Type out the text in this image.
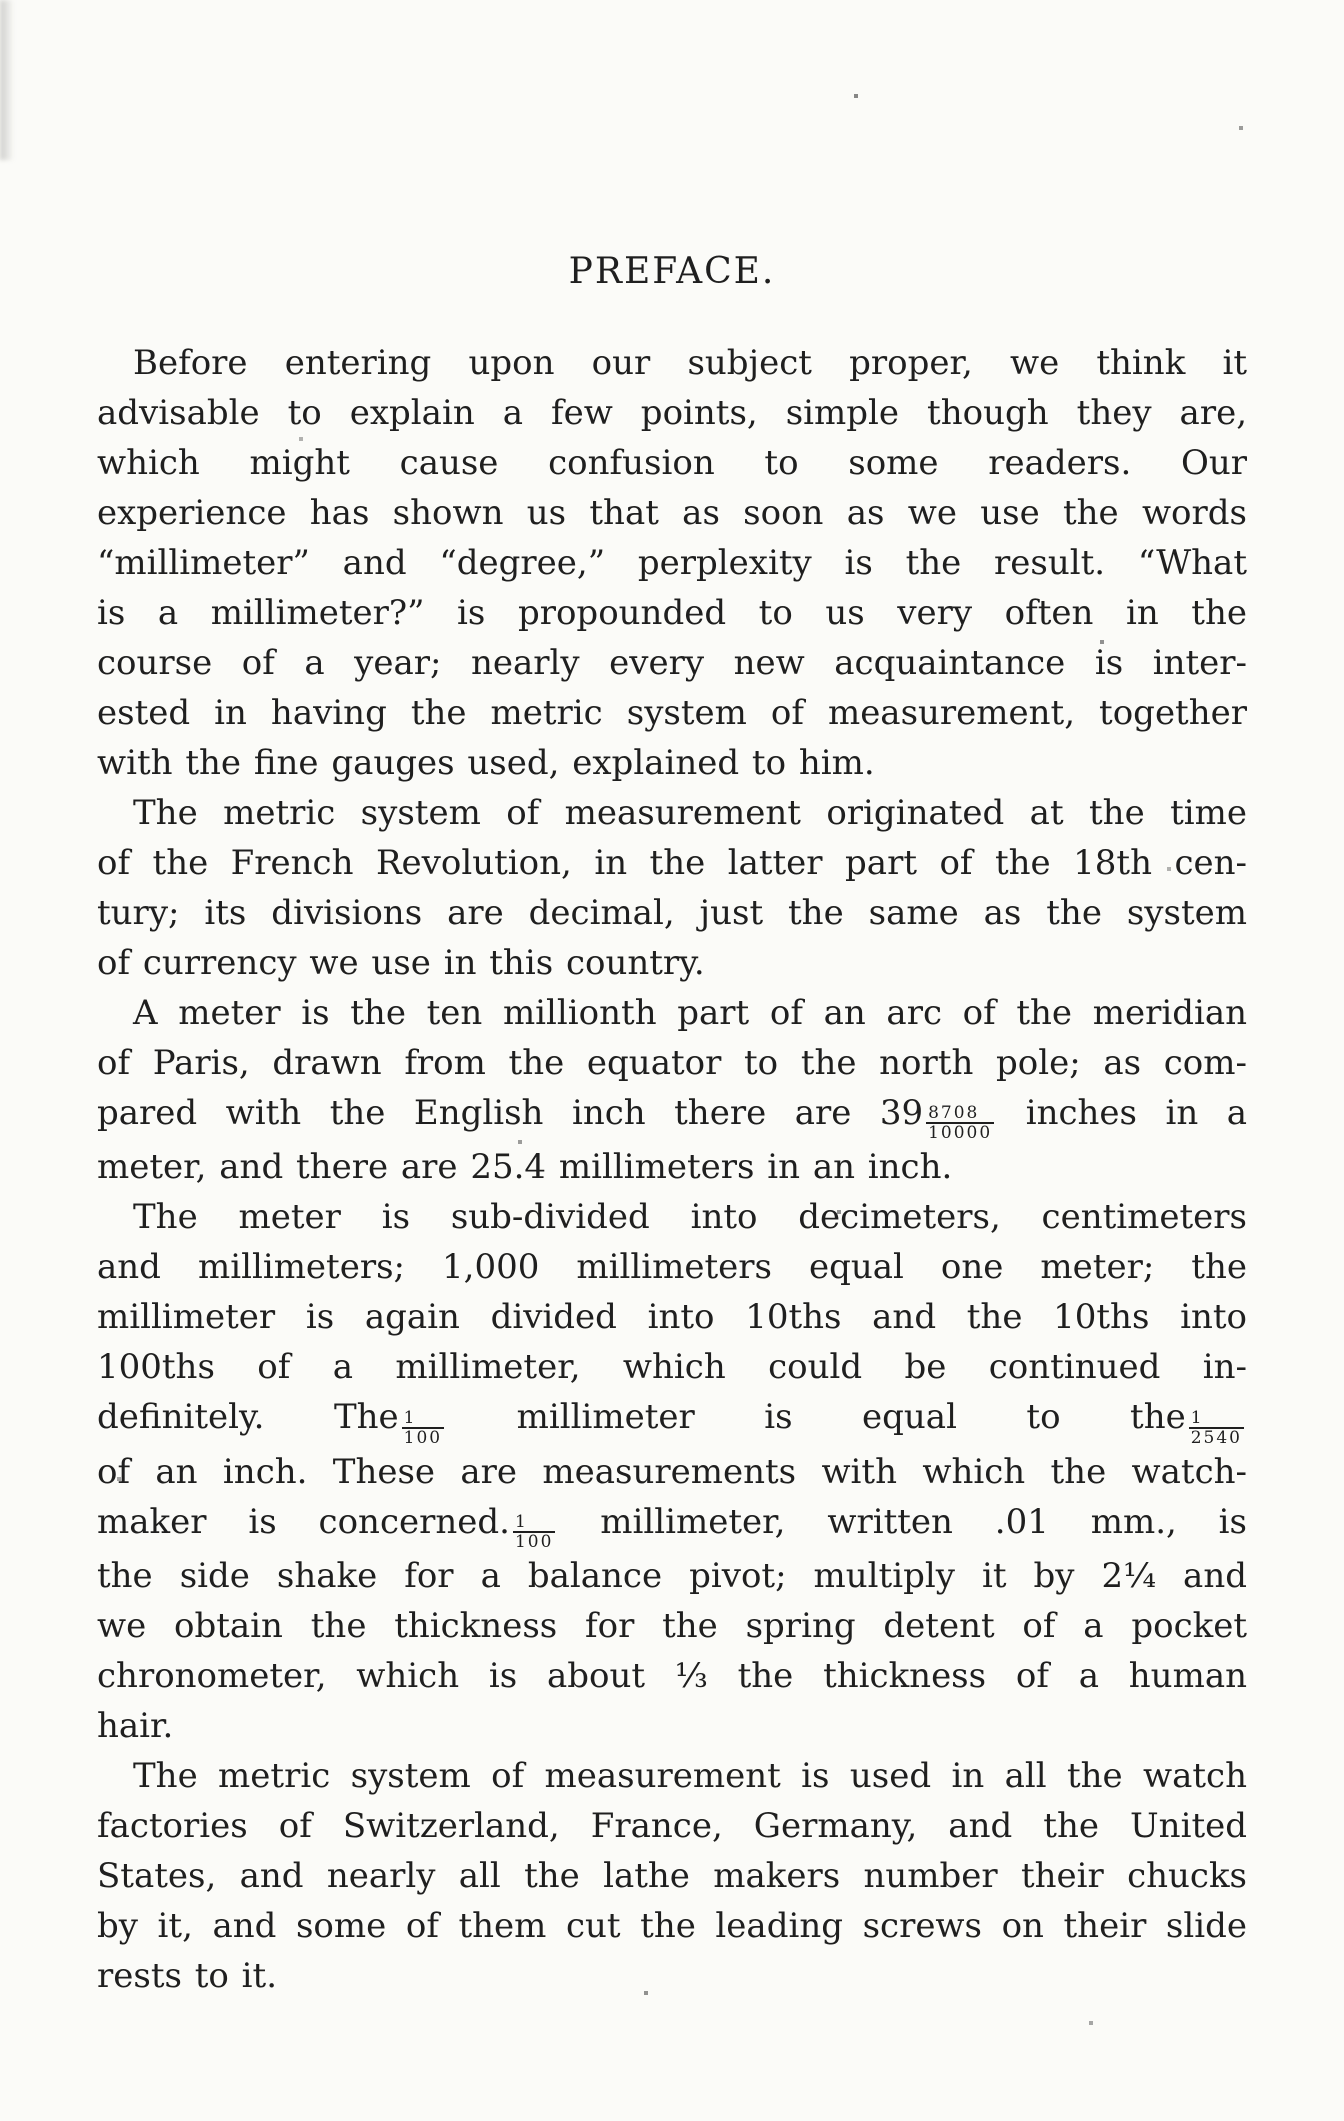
PREFACE.

Before entering upon our subject proper, we think it
advisable to explain a few points, simple though they are,
which might cause confusion to some readers. Our
experience has shown us that as soon as we use the words
“millimeter” and “degree,” perplexity is the result. “What
is a millimeter?” is propounded to us very often in the
course of a year; nearly every new acquaintance is inter-
ested in having the metric system of measurement, together
with the fine gauges used, explained to him.

The metric system of measurement originated at the time
of the French Revolution, in the latter part of the 18th cen-
tury; its divisions are decimal, just the same as the system
of currency we use in this country.

A meter is the ten millionth part of an arc of the meridian
of Paris, drawn from the equator to the north pole; as com-
pared with the English inch there are $39 \frac{8708}{10000}$ inches in a
meter, and there are 25.4 millimeters in an inch.

The meter is sub-divided into decimeters, centimeters
and millimeters; 1,000 millimeters equal one meter; the
millimeter is again divided into 10ths and the 10ths into
100ths of a millimeter, which could be continued in-
definitely. The $\frac{1}{100}$ millimeter is equal to the $\frac{1}{2540}$
of an inch. These are measurements with which the watch-
maker is concerned. $\frac{1}{100}$ millimeter, written .01 mm., is
the side shake for a balance pivot; multiply it by 2¼ and
we obtain the thickness for the spring detent of a pocket
chronometer, which is about ⅓ the thickness of a human
hair.

The metric system of measurement is used in all the watch
factories of Switzerland, France, Germany, and the United
States, and nearly all the lathe makers number their chucks
by it, and some of them cut the leading screws on their slide
rests to it.
